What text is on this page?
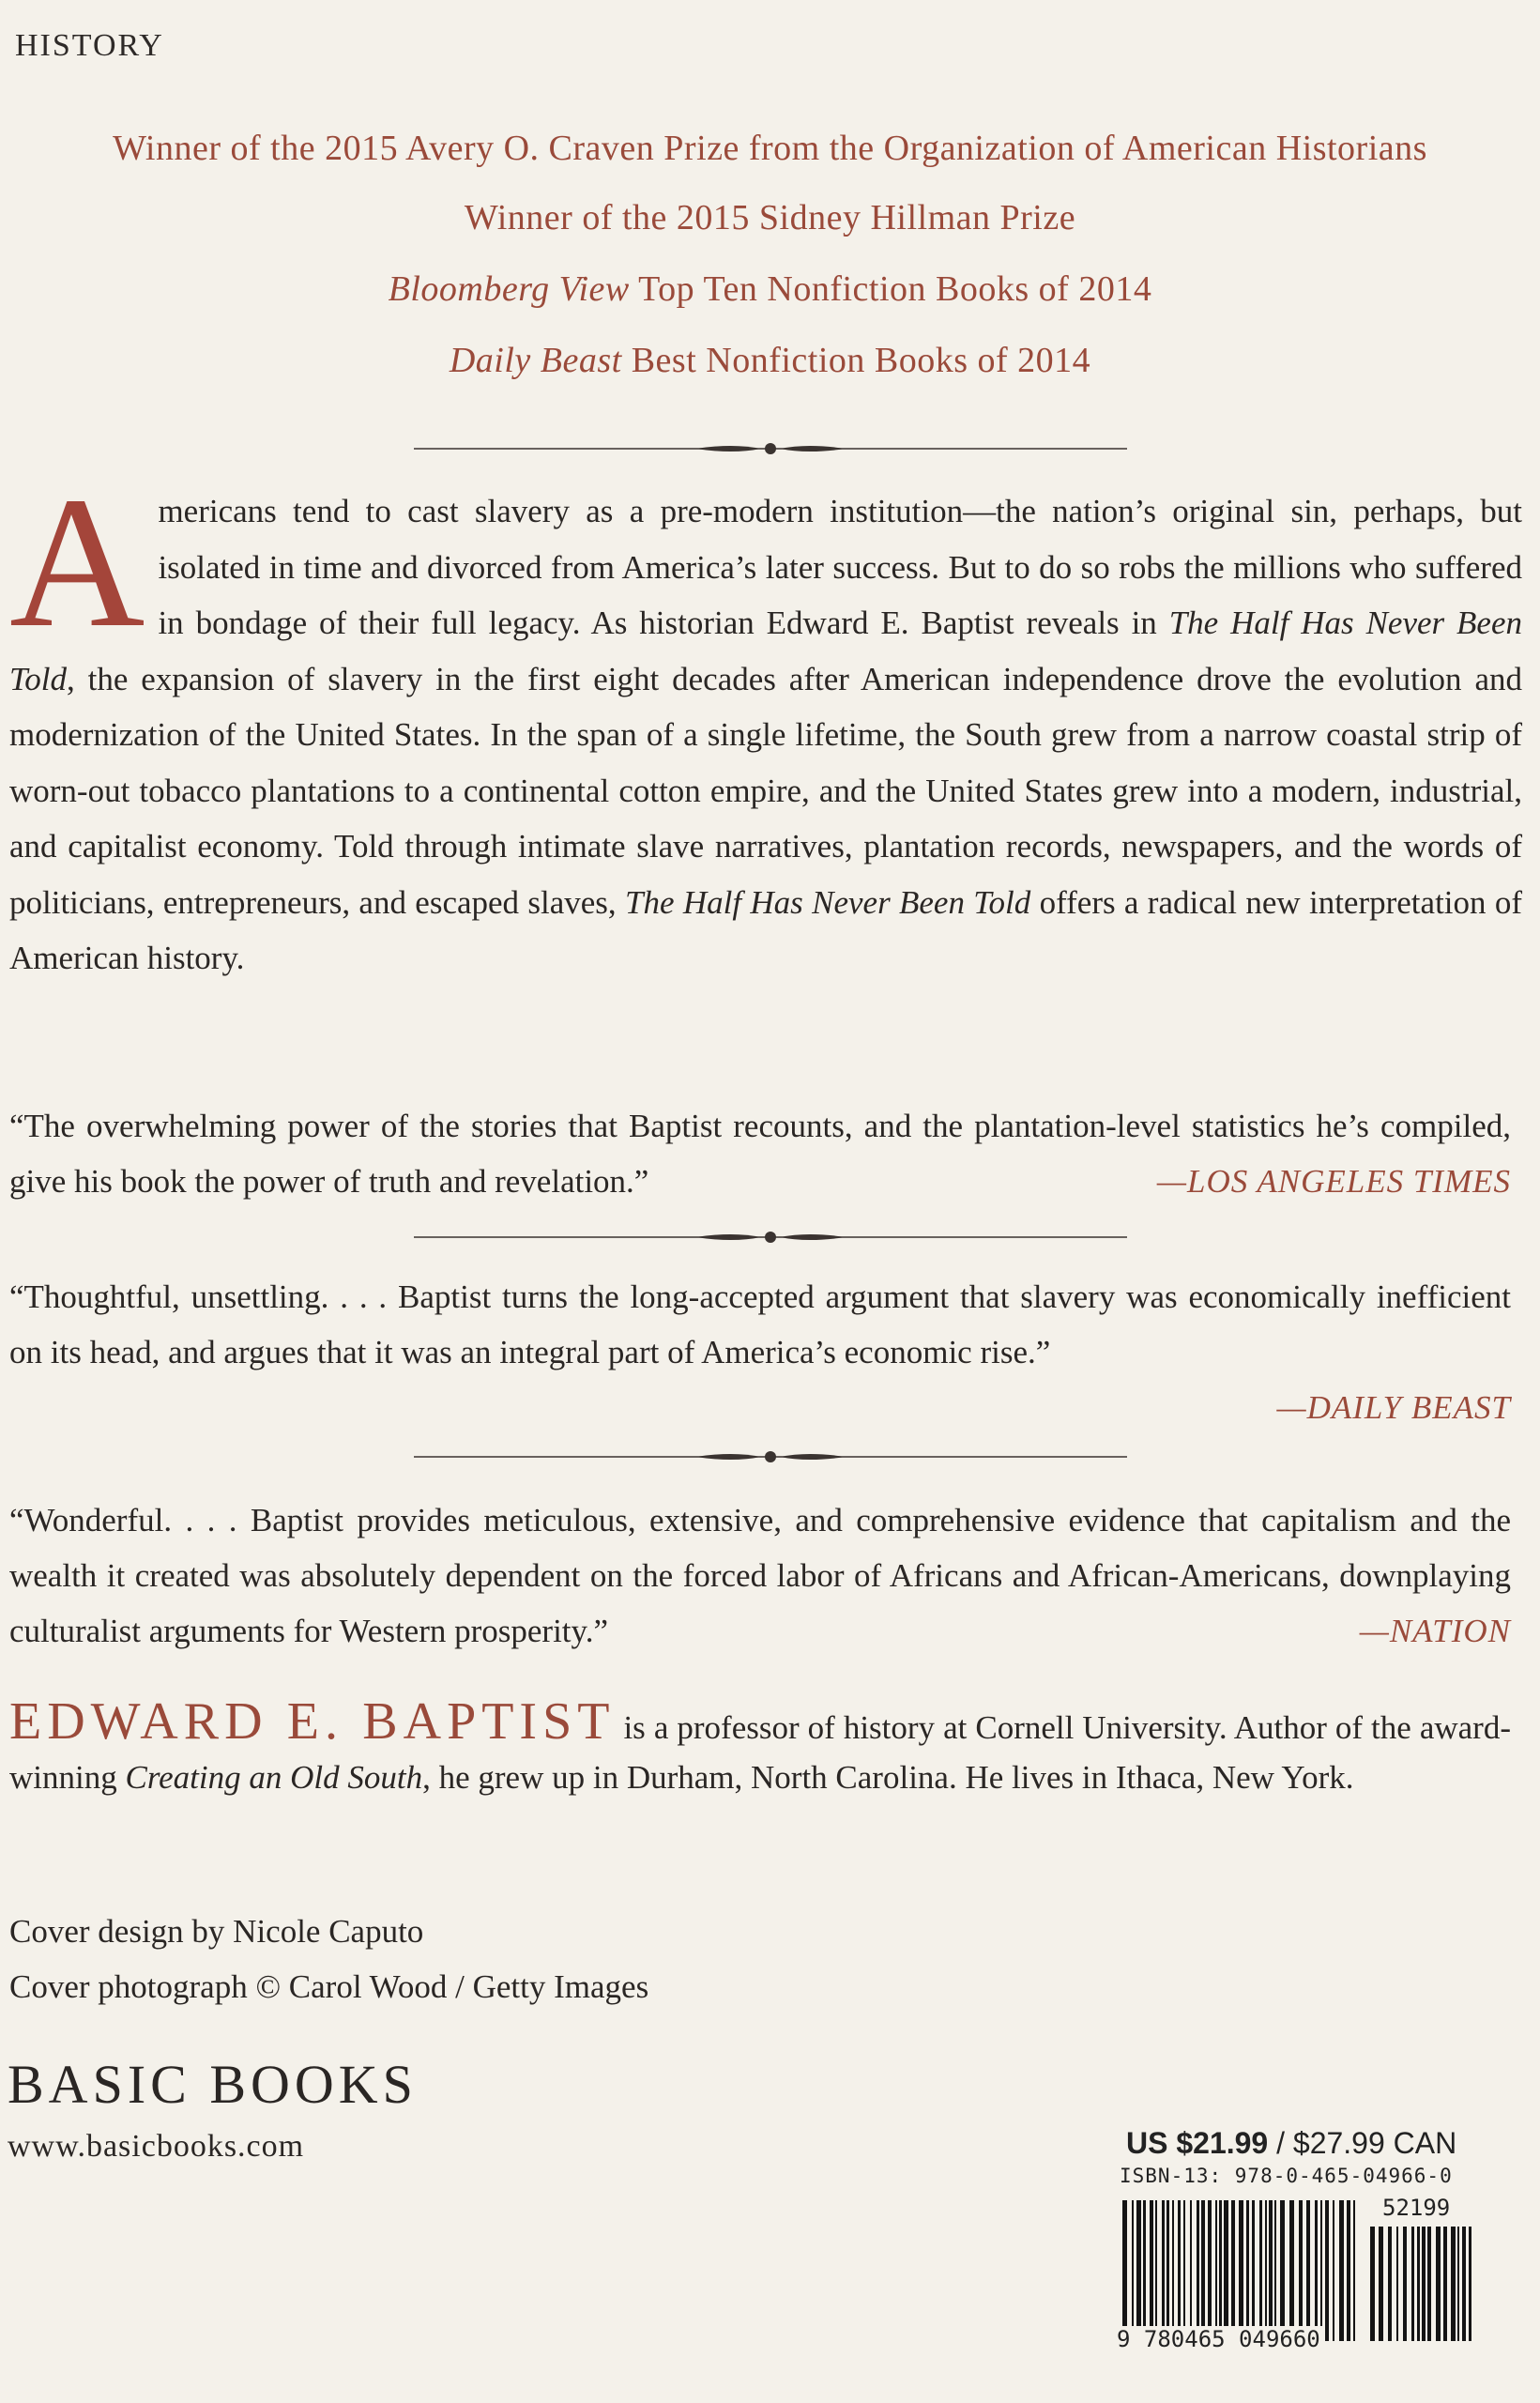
HISTORY
Winner of the 2015 Avery O. Craven Prize from the Organization of American Historians
Winner of the 2015 Sidney Hillman Prize
Bloomberg View Top Ten Nonfiction Books of 2014
Daily Beast Best Nonfiction Books of 2014
Americans tend to cast slavery as a pre-modern institution—the nation’s original sin, perhaps, but isolated in time and divorced from America’s later success. But to do so robs the millions who suffered in bondage of their full legacy. As historian Edward E. Baptist reveals in The Half Has Never Been Told, the expansion of slavery in the first eight decades after American independence drove the evolution and modernization of the United States. In the span of a single lifetime, the South grew from a narrow coastal strip of worn-out tobacco plantations to a continental cotton empire, and the United States grew into a modern, industrial, and capitalist economy. Told through intimate slave narratives, plantation records, newspapers, and the words of politicians, entrepreneurs, and escaped slaves, The Half Has Never Been Told offers a radical new interpretation of American history.
“The overwhelming power of the stories that Baptist recounts, and the plantation-level statistics he’s compiled, give his book the power of truth and revelation.”	—LOS ANGELES TIMES
“Thoughtful, unsettling. . . . Baptist turns the long-accepted argument that slavery was economically inefficient on its head, and argues that it was an integral part of America’s economic rise.”
—DAILY BEAST
“Wonderful. . . . Baptist provides meticulous, extensive, and comprehensive evidence that capitalism and the wealth it created was absolutely dependent on the forced labor of Africans and African-Americans, downplaying culturalist arguments for Western prosperity.”	—NATION
EDWARD E. BAPTIST is a professor of history at Cornell University. Author of the award-winning Creating an Old South, he grew up in Durham, North Carolina. He lives in Ithaca, New York.
Cover design by Nicole Caputo
Cover photograph © Carol Wood / Getty Images
BASIC BOOKS
www.basicbooks.com	US $21.99 / $27.99 CAN
ISBN-13: 978-0-465-04966-0
52199
9 780465 049660
